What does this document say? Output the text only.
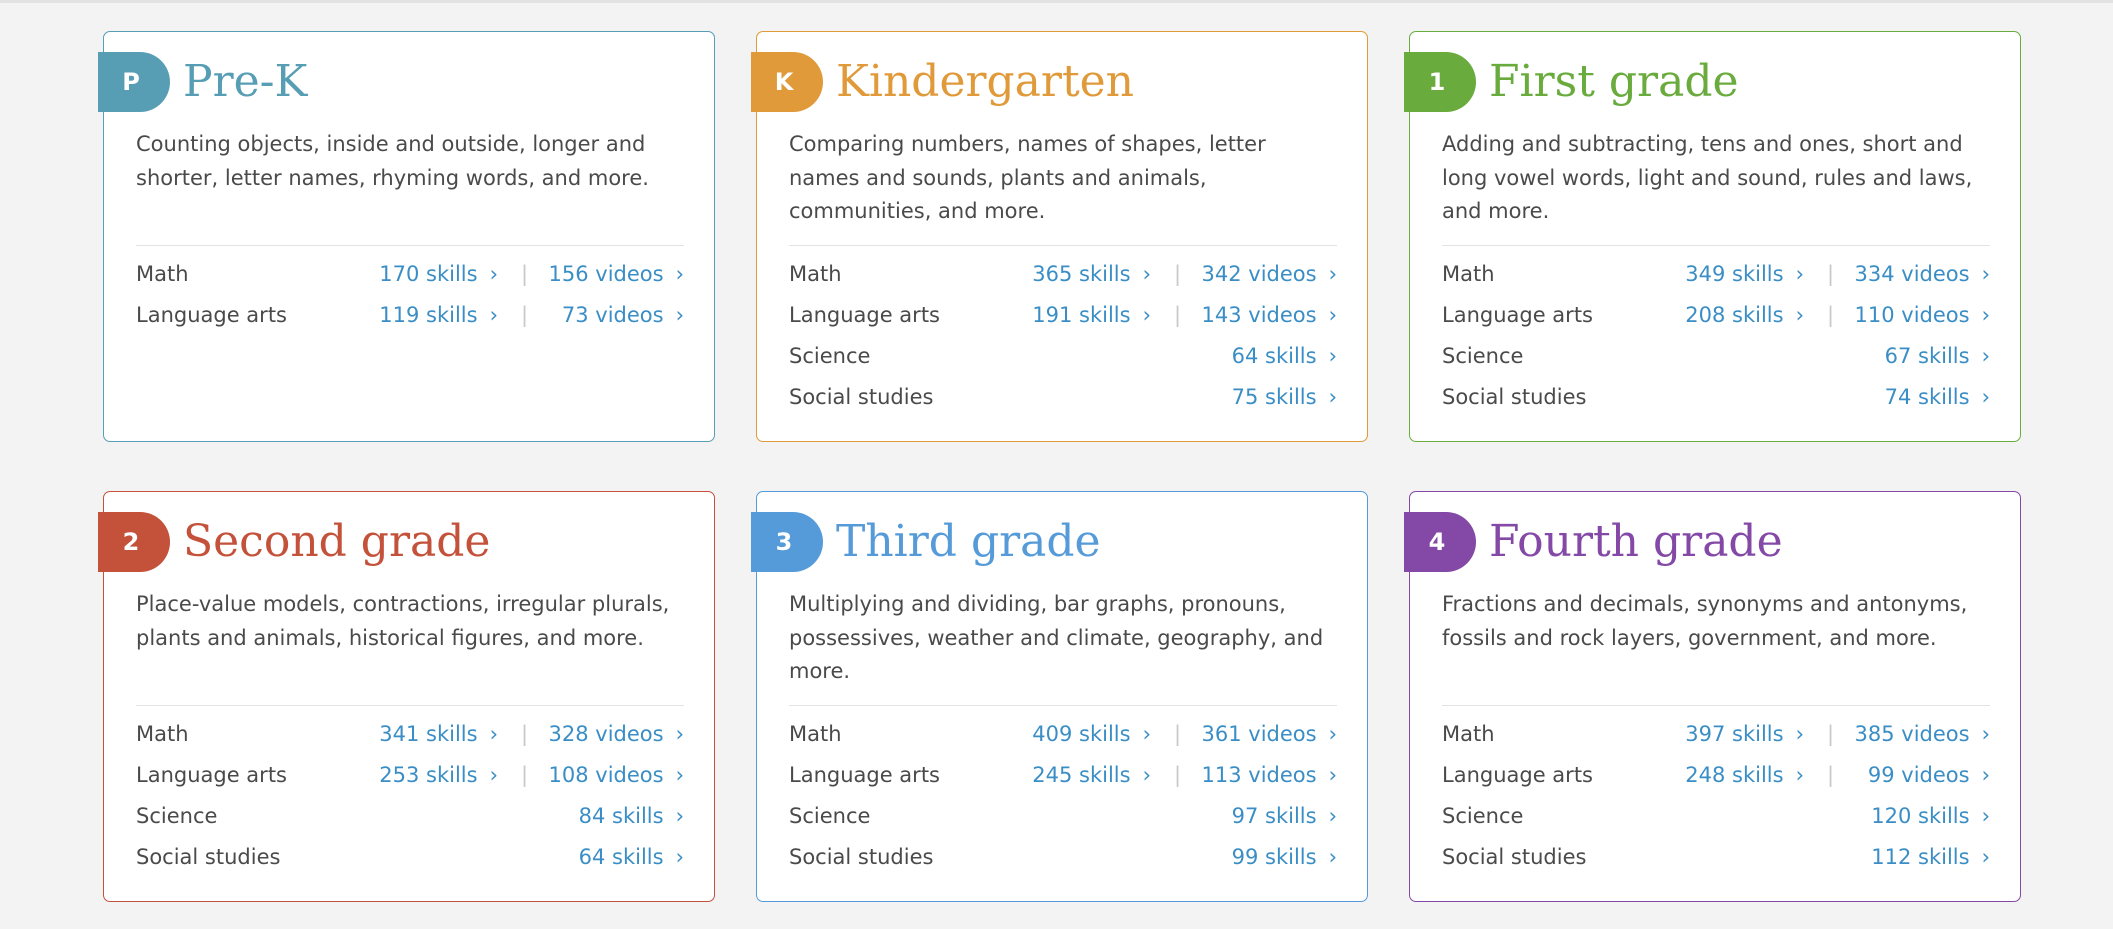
P Pre-K

Counting objects, inside and outside, longer and shorter, letter names, rhyming words, and more.

Math	170 skills › | 156 videos ›
Language arts	119 skills › | 73 videos ›
K Kindergarten

Comparing numbers, names of shapes, letter names and sounds, plants and animals, communities, and more.

Math	365 skills › | 342 videos ›
Language arts	191 skills › | 143 videos ›
Science	64 skills ›
Social studies	75 skills ›
1 First grade

Adding and subtracting, tens and ones, short and long vowel words, light and sound, rules and laws, and more.

Math	349 skills › | 334 videos ›
Language arts	208 skills › | 110 videos ›
Science	67 skills ›
Social studies	74 skills ›
2 Second grade

Place-value models, contractions, irregular plurals, plants and animals, historical figures, and more.

Math	341 skills › | 328 videos ›
Language arts	253 skills › | 108 videos ›
Science	84 skills ›
Social studies	64 skills ›
3 Third grade

Multiplying and dividing, bar graphs, pronouns, possessives, weather and climate, geography, and more.

Math	409 skills › | 361 videos ›
Language arts	245 skills › | 113 videos ›
Science	97 skills ›
Social studies	99 skills ›
4 Fourth grade

Fractions and decimals, synonyms and antonyms, fossils and rock layers, government, and more.

Math	397 skills › | 385 videos ›
Language arts	248 skills › | 99 videos ›
Science	120 skills ›
Social studies	112 skills ›
